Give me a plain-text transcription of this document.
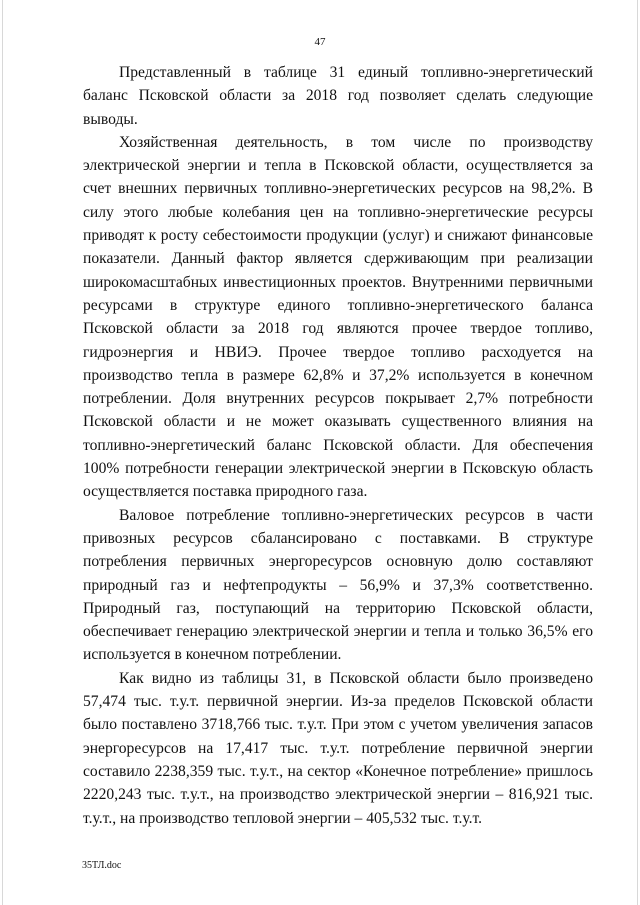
47

Представленный в таблице 31 единый топливно-энергетический баланс Псковской области за 2018 год позволяет сделать следующие выводы.

Хозяйственная деятельность, в том числе по производству электрической энергии и тепла в Псковской области, осуществляется за счет внешних первичных топливно-энергетических ресурсов на 98,2%. В силу этого любые колебания цен на топливно-энергетические ресурсы приводят к росту себестоимости продукции (услуг) и снижают финансовые показатели. Данный фактор является сдерживающим при реализации широкомасштабных инвестиционных проектов. Внутренними первичными ресурсами в структуре единого топливно-энергетического баланса Псковской области за 2018 год являются прочее твердое топливо, гидроэнергия и НВИЭ. Прочее твердое топливо расходуется на производство тепла в размере 62,8% и 37,2% используется в конечном потреблении. Доля внутренних ресурсов покрывает 2,7% потребности Псковской области и не может оказывать существенного влияния на топливно-энергетический баланс Псковской области. Для обеспечения 100% потребности генерации электрической энергии в Псковскую область осуществляется поставка природного газа.

Валовое потребление топливно-энергетических ресурсов в части привозных ресурсов сбалансировано с поставками. В структуре потребления первичных энергоресурсов основную долю составляют природный газ и нефтепродукты – 56,9% и 37,3% соответственно. Природный газ, поступающий на территорию Псковской области, обеспечивает генерацию электрической энергии и тепла и только 36,5% его используется в конечном потреблении.

Как видно из таблицы 31, в Псковской области было произведено 57,474 тыс. т.у.т. первичной энергии. Из-за пределов Псковской области было поставлено 3718,766 тыс. т.у.т. При этом с учетом увеличения запасов энергоресурсов на 17,417 тыс. т.у.т. потребление первичной энергии составило 2238,359 тыс. т.у.т., на сектор «Конечное потребление» пришлось 2220,243 тыс. т.у.т., на производство электрической энергии – 816,921 тыс. т.у.т., на производство тепловой энергии – 405,532 тыс. т.у.т.

35ТЛ.doc
